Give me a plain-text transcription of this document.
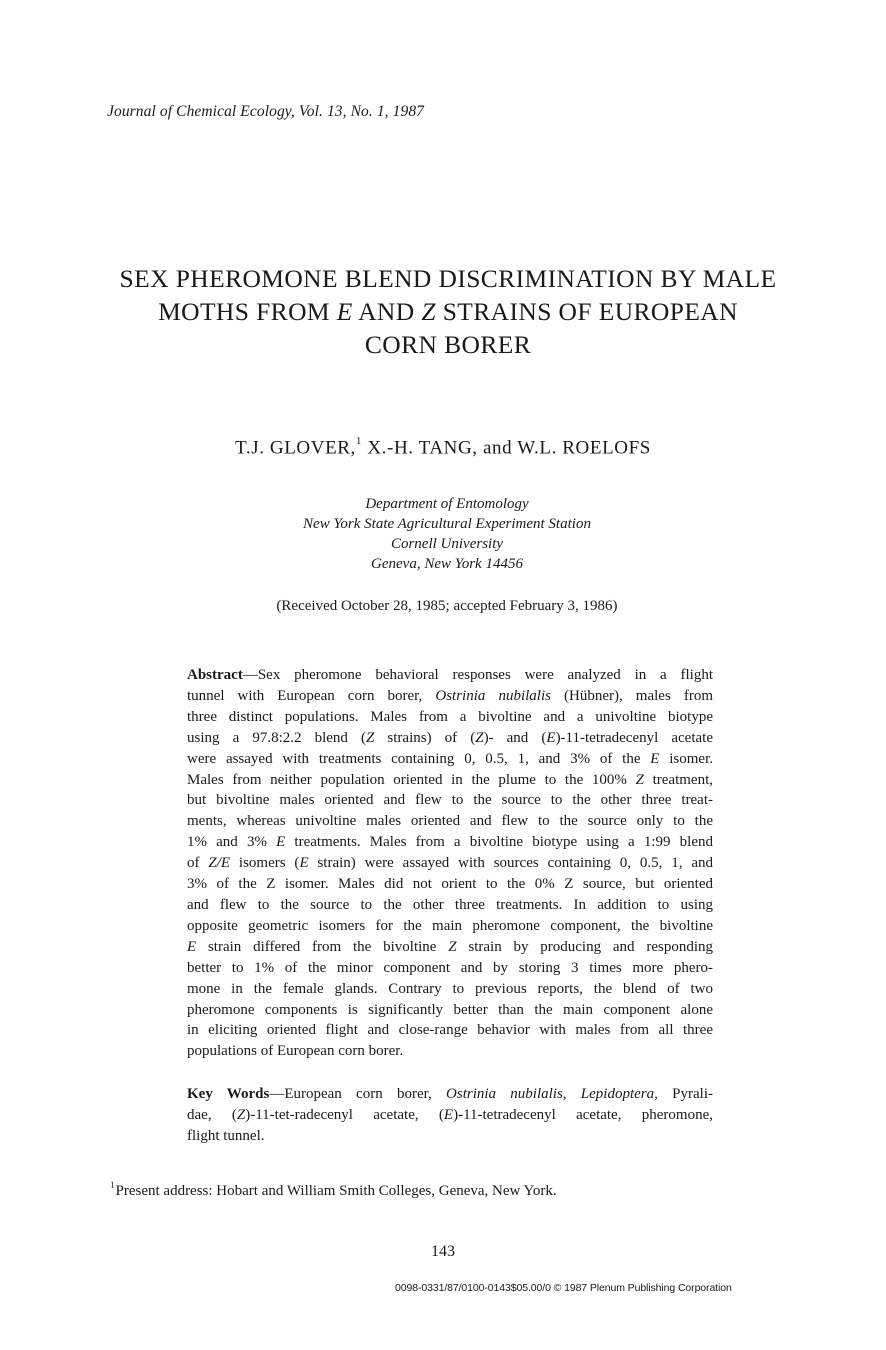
Journal of Chemical Ecology, Vol. 13, No. 1, 1987
SEX PHEROMONE BLEND DISCRIMINATION BY MALE
MOTHS FROM E AND Z STRAINS OF EUROPEAN
CORN BORER
T.J. GLOVER,$^1$ X.-H. TANG, and W.L. ROELOFS
Department of Entomology
New York State Agricultural Experiment Station
Cornell University
Geneva, New York 14456
(Received October 28, 1985; accepted February 3, 1986)
Abstract—Sex pheromone behavioral responses were analyzed in a flight
tunnel with European corn borer, Ostrinia nubilalis (Hübner), males from
three distinct populations. Males from a bivoltine and a univoltine biotype
using a 97.8:2.2 blend (Z strains) of (Z)- and (E)-11-tetradecenyl acetate
were assayed with treatments containing 0, 0.5, 1, and 3% of the E isomer.
Males from neither population oriented in the plume to the 100% Z treatment,
but bivoltine males oriented and flew to the source to the other three treat-
ments, whereas univoltine males oriented and flew to the source only to the
1% and 3% E treatments. Males from a bivoltine biotype using a 1:99 blend
of Z/E isomers (E strain) were assayed with sources containing 0, 0.5, 1, and
3% of the Z isomer. Males did not orient to the 0% Z source, but oriented
and flew to the source to the other three treatments. In addition to using
opposite geometric isomers for the main pheromone component, the bivoltine
E strain differed from the bivoltine Z strain by producing and responding
better to 1% of the minor component and by storing 3 times more phero-
mone in the female glands. Contrary to previous reports, the blend of two
pheromone components is significantly better than the main component alone
in eliciting oriented flight and close-range behavior with males from all three
populations of European corn borer.
Key Words—European corn borer, Ostrinia nubilalis, Lepidoptera, Pyrali-
dae, (Z)-11-tet-radecenyl acetate, (E)-11-tetradecenyl acetate, pheromone,
flight tunnel.
$^1$Present address: Hobart and William Smith Colleges, Geneva, New York.
143
0098-0331/87/0100-0143$05.00/0 © 1987 Plenum Publishing Corporation
